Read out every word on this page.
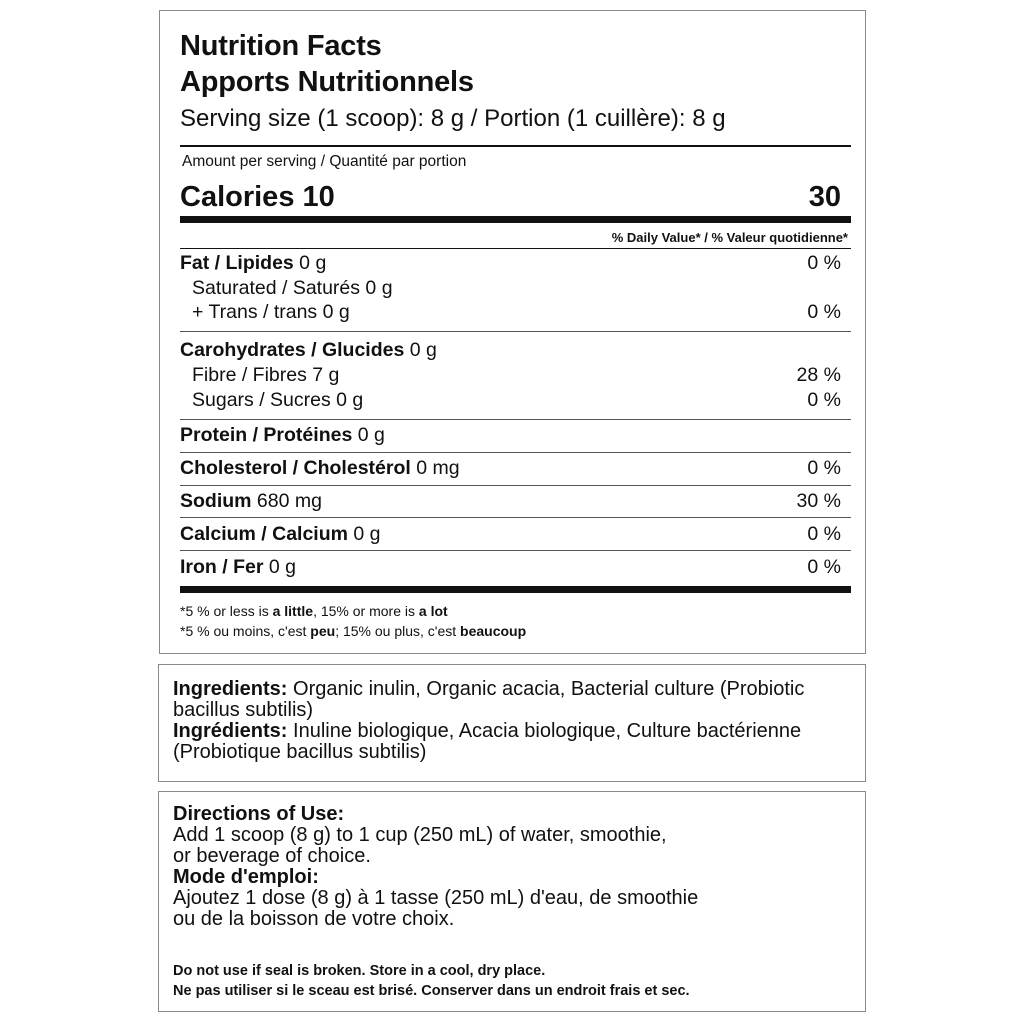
Nutrition Facts
Apports Nutritionnels
Serving size (1 scoop): 8 g / Portion (1 cuillère): 8 g
Amount per serving / Quantité par portion
Calories 10	30
% Daily Value* / % Valeur quotidienne*
Fat / Lipides 0 g	0 %
Saturated / Saturés 0 g
+ Trans / trans 0 g	0 %
Carohydrates / Glucides 0 g
Fibre / Fibres 7 g	28 %
Sugars / Sucres 0 g	0 %
Protein / Protéines 0 g
Cholesterol / Cholestérol 0 mg	0 %
Sodium 680 mg	30 %
Calcium / Calcium 0 g	0 %
Iron / Fer 0 g	0 %
*5 % or less is a little, 15% or more is a lot
*5 % ou moins, c'est peu; 15% ou plus, c'est beaucoup
Ingredients: Organic inulin, Organic acacia, Bacterial culture (Probiotic
bacillus subtilis)
Ingrédients: Inuline biologique, Acacia biologique, Culture bactérienne
(Probiotique bacillus subtilis)
Directions of Use:
Add 1 scoop (8 g) to 1 cup (250 mL) of water, smoothie,
or beverage of choice.
Mode d'emploi:
Ajoutez 1 dose (8 g) à 1 tasse (250 mL) d'eau, de smoothie
ou de la boisson de votre choix.
Do not use if seal is broken. Store in a cool, dry place.
Ne pas utiliser si le sceau est brisé. Conserver dans un endroit frais et sec.
